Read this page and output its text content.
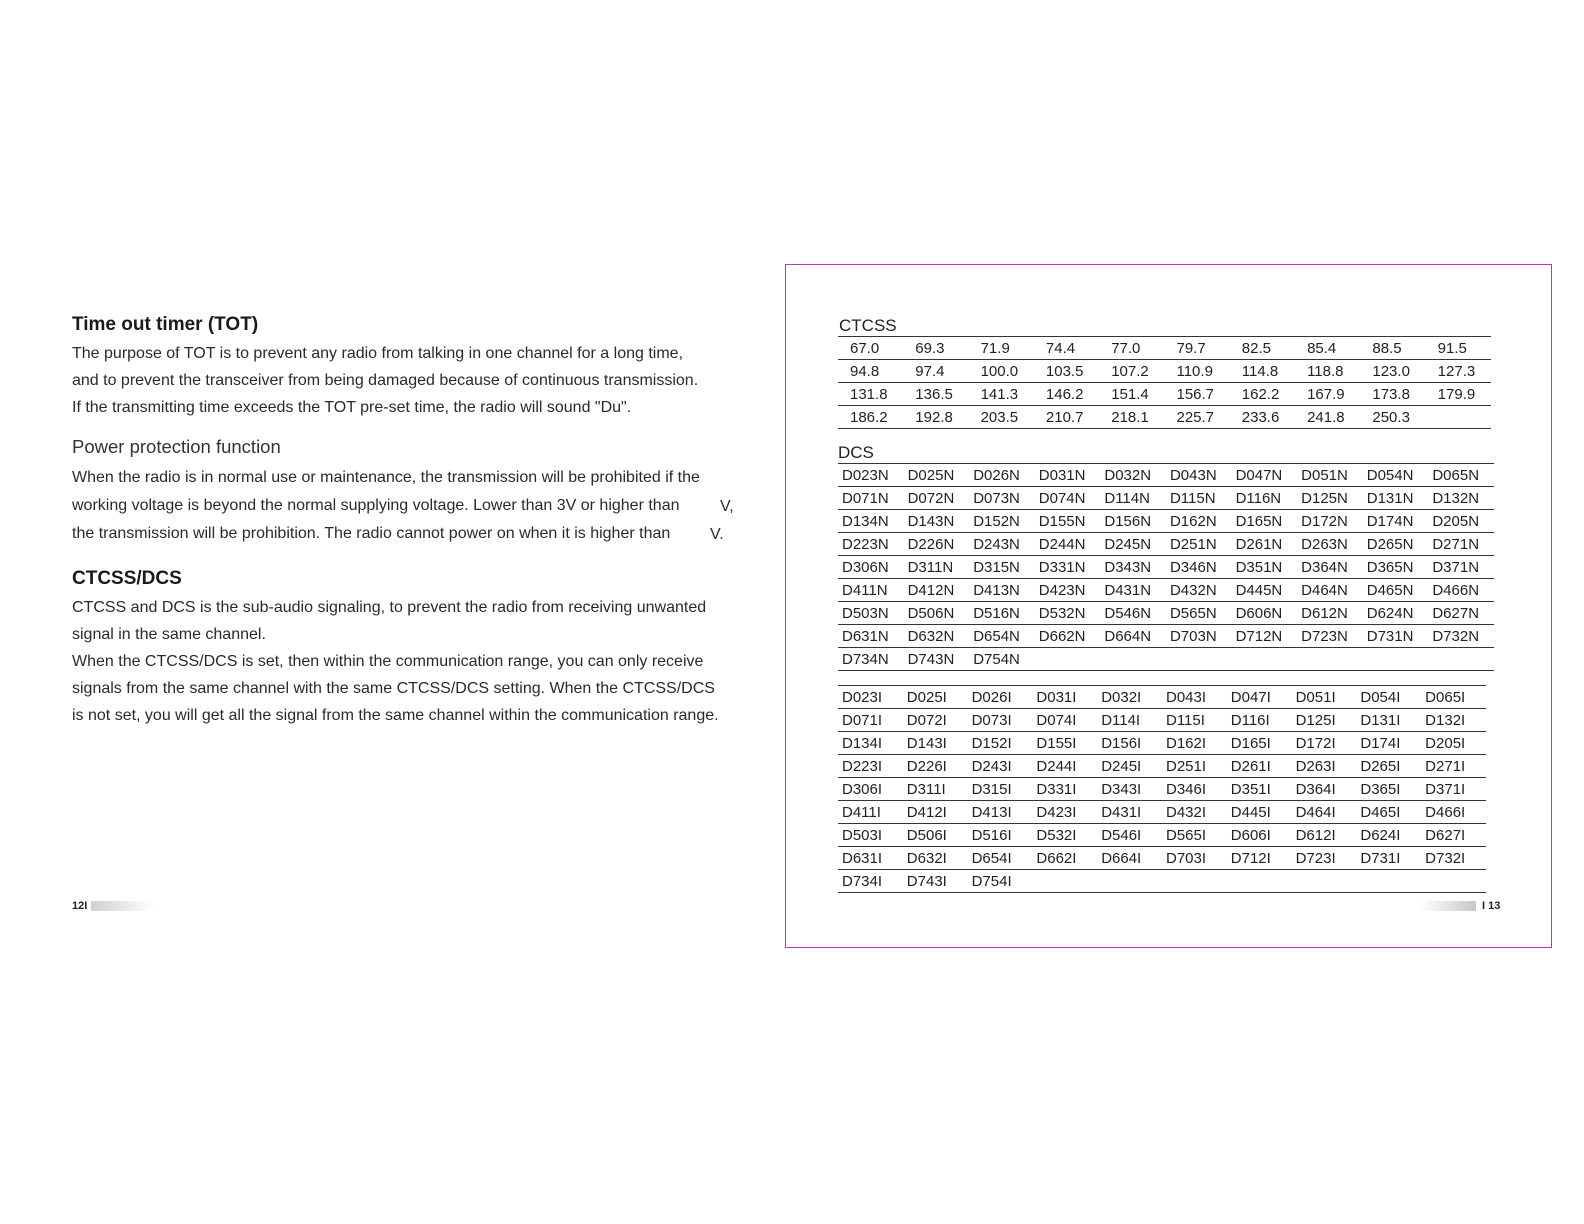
Time out timer (TOT)

The purpose of TOT is to prevent any radio from talking in one channel for a long time,
and to prevent the transceiver from being damaged because of continuous transmission.
If the transmitting time exceeds the TOT pre-set time, the radio will sound "Du".

Power protection function

When the radio is in normal use or maintenance, the transmission will be prohibited if the
working voltage is beyond the normal supplying voltage. Lower than 3V or higher than
the transmission will be prohibition. The radio cannot power on when it is higher than

V,
V.
CTCSS/DCS

CTCSS and DCS is the sub-audio signaling, to prevent the radio from receiving unwanted
signal in the same channel.
When the CTCSS/DCS is set, then within the communication range, you can only receive
signals from the same channel with the same CTCSS/DCS setting. When the CTCSS/DCS
is not set, you will get all the signal from the same channel within the communication range.

12I
CTCSS
67.0	69.3	71.9	74.4	77.0	79.7	82.5	85.4	88.5	91.5
94.8	97.4	100.0	103.5	107.2	110.9	114.8	118.8	123.0	127.3
131.8	136.5	141.3	146.2	151.4	156.7	162.2	167.9	173.8	179.9
186.2	192.8	203.5	210.7	218.1	225.7	233.6	241.8	250.3	
DCS
D023N	D025N	D026N	D031N	D032N	D043N	D047N	D051N	D054N	D065N
D071N	D072N	D073N	D074N	D114N	D115N	D116N	D125N	D131N	D132N
D134N	D143N	D152N	D155N	D156N	D162N	D165N	D172N	D174N	D205N
D223N	D226N	D243N	D244N	D245N	D251N	D261N	D263N	D265N	D271N
D306N	D311N	D315N	D331N	D343N	D346N	D351N	D364N	D365N	D371N
D411N	D412N	D413N	D423N	D431N	D432N	D445N	D464N	D465N	D466N
D503N	D506N	D516N	D532N	D546N	D565N	D606N	D612N	D624N	D627N
D631N	D632N	D654N	D662N	D664N	D703N	D712N	D723N	D731N	D732N
D734N	D743N	D754N							
D023I	D025I	D026I	D031I	D032I	D043I	D047I	D051I	D054I	D065I
D071I	D072I	D073I	D074I	D114I	D115I	D116I	D125I	D131I	D132I
D134I	D143I	D152I	D155I	D156I	D162I	D165I	D172I	D174I	D205I
D223I	D226I	D243I	D244I	D245I	D251I	D261I	D263I	D265I	D271I
D306I	D311I	D315I	D331I	D343I	D346I	D351I	D364I	D365I	D371I
D411I	D412I	D413I	D423I	D431I	D432I	D445I	D464I	D465I	D466I
D503I	D506I	D516I	D532I	D546I	D565I	D606I	D612I	D624I	D627I
D631I	D632I	D654I	D662I	D664I	D703I	D712I	D723I	D731I	D732I
D734I	D743I	D754I							
I 13
